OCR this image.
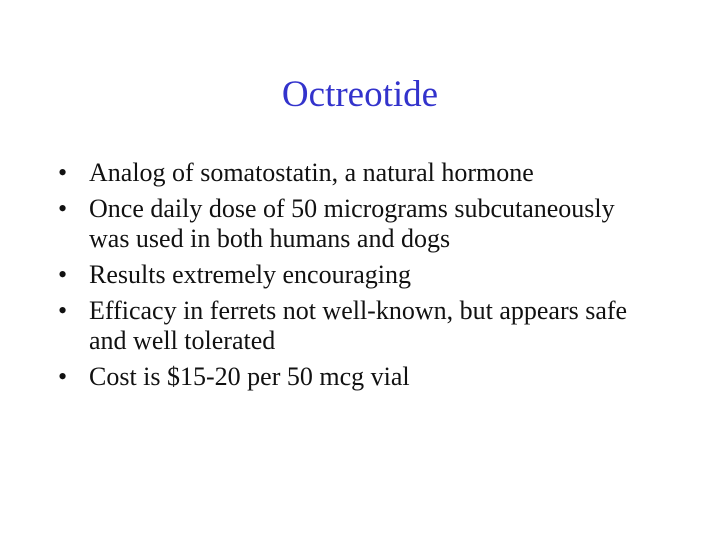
Octreotide
• Analog of somatostatin, a natural hormone
• Once daily dose of 50 micrograms subcutaneously was used in both humans and dogs
• Results extremely encouraging
• Efficacy in ferrets not well-known, but appears safe and well tolerated
• Cost is $15-20 per 50 mcg vial
